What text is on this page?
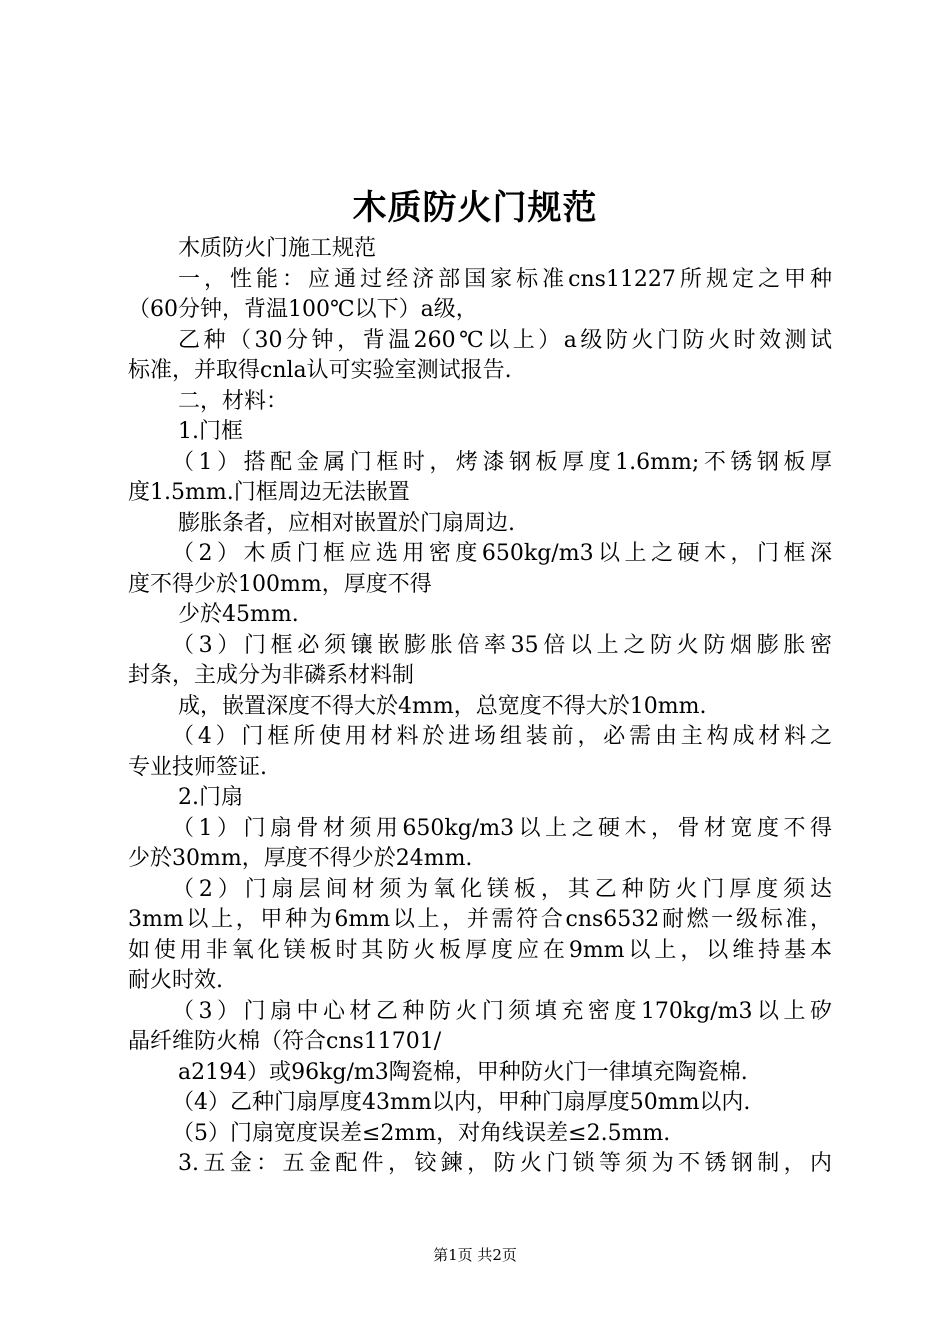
木质防火门规范
木质防火门施工规范
一，性能：应通过经济部国家标准cns11227所规定之甲种
（60分钟，背温100℃以下）a级，
乙种（30分钟，背温260℃以上）a级防火门防火时效测试
标准，并取得cnla认可实验室测试报告.
二，材料：
1.门框
（1）搭配金属门框时，烤漆钢板厚度1.6mm;不锈钢板厚
度1.5mm.门框周边无法嵌置
膨胀条者，应相对嵌置於门扇周边.
（2）木质门框应选用密度650kg/m3以上之硬木，门框深
度不得少於100mm，厚度不得
少於45mm.
（3）门框必须镶嵌膨胀倍率35倍以上之防火防烟膨胀密
封条，主成分为非磷系材料制
成，嵌置深度不得大於4mm，总宽度不得大於10mm.
（4）门框所使用材料於进场组装前，必需由主构成材料之
专业技师签证.
2.门扇
（1）门扇骨材须用650kg/m3以上之硬木，骨材宽度不得
少於30mm，厚度不得少於24mm.
（2）门扇层间材须为氧化镁板，其乙种防火门厚度须达
3mm以上，甲种为6mm以上，并需符合cns6532耐燃一级标准，
如使用非氧化镁板时其防火板厚度应在9mm以上，以维持基本
耐火时效.
（3）门扇中心材乙种防火门须填充密度170kg/m3以上矽
晶纤维防火棉（符合cns11701/
a2194）或96kg/m3陶瓷棉，甲种防火门一律填充陶瓷棉.
（4）乙种门扇厚度43mm以内，甲种门扇厚度50mm以内.
（5）门扇宽度误差≤2mm，对角线误差≤2.5mm.
3.五金：五金配件，铰鍊，防火门锁等须为不锈钢制，内
第1页 共2页
